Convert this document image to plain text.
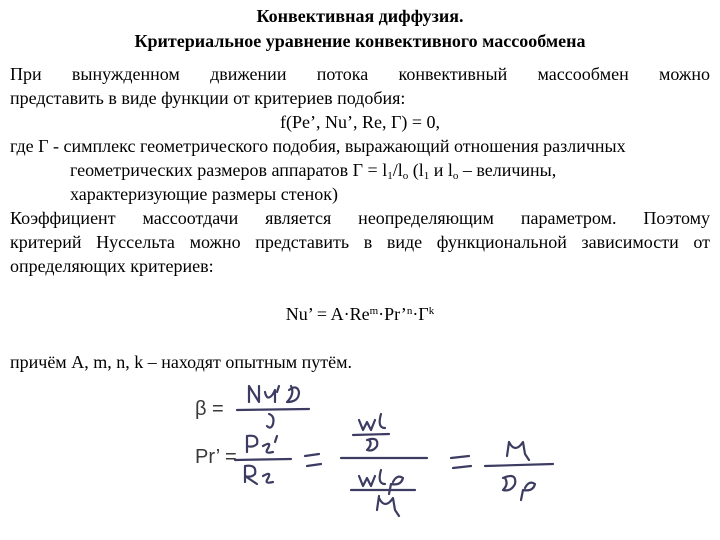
Конвективная диффузия.
Критериальное уравнение конвективного массообмена
При вынужденном движении потока конвективный массообмен можно
представить в виде функции от критериев подобия:
f(Pe’, Nu’, Re, Г) = 0,
где Г - симплекс геометрического подобия, выражающий отношения различных
геометрических размеров аппаратов $Г = l_1/l_o$ ($l_1$ и $l_o$ – величины,
характеризующие размеры стенок)
Коэффициент массоотдачи является неопределяющим параметром. Поэтому
критерий Нуссельта можно представить в виде функциональной зависимости от
определяющих критериев:
Nu’ = $A\cdot Re^m\cdot Pr’^n\cdot Г^k$
причём A, m, n, k – находят опытным путём.
β =
Pr’ =
